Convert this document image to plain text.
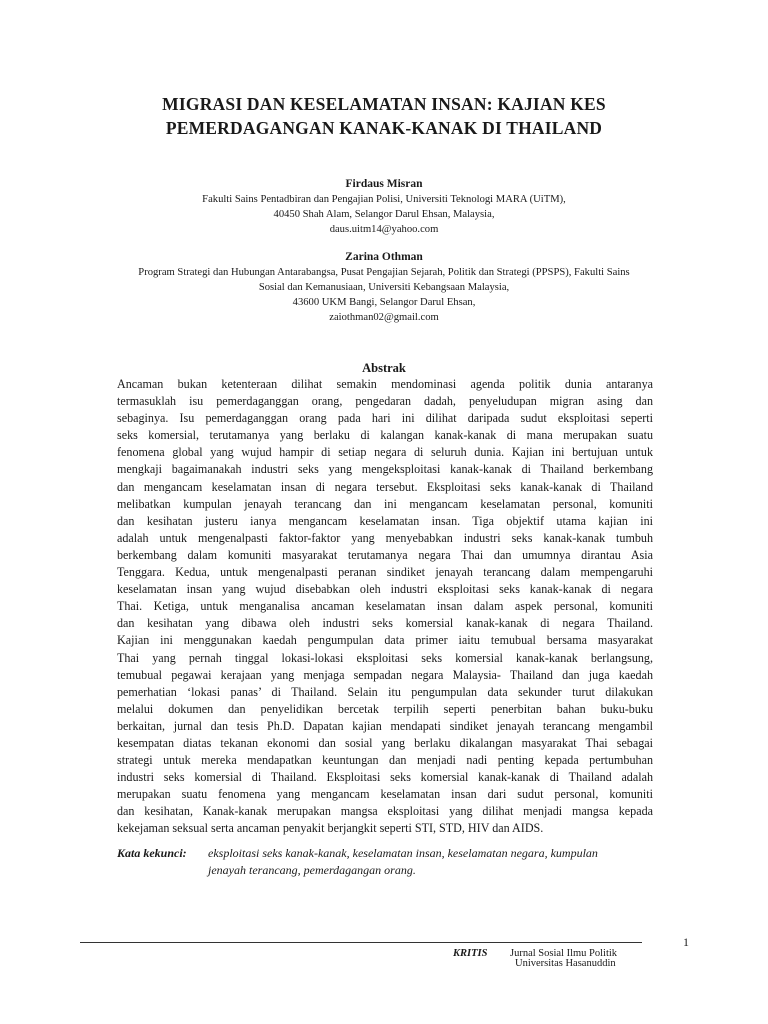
MIGRASI DAN KESELAMATAN INSAN: KAJIAN KES
PEMERDAGANGAN KANAK-KANAK DI THAILAND
Firdaus Misran
Fakulti Sains Pentadbiran dan Pengajian Polisi, Universiti Teknologi MARA (UiTM),
40450 Shah Alam, Selangor Darul Ehsan, Malaysia,
daus.uitm14@yahoo.com
Zarina Othman
Program Strategi dan Hubungan Antarabangsa, Pusat Pengajian Sejarah, Politik dan Strategi (PPSPS), Fakulti Sains
Sosial dan Kemanusiaan, Universiti Kebangsaan Malaysia,
43600 UKM Bangi, Selangor Darul Ehsan,
zaiothman02@gmail.com
Abstrak
Ancaman bukan ketenteraan dilihat semakin mendominasi agenda politik dunia antaranya
termasuklah isu pemerdaganggan orang, pengedaran dadah, penyeludupan migran asing dan
sebaginya. Isu pemerdaganggan orang pada hari ini dilihat daripada sudut eksploitasi seperti
seks komersial, terutamanya yang berlaku di kalangan kanak-kanak di mana merupakan suatu
fenomena global yang wujud hampir di setiap negara di seluruh dunia. Kajian ini bertujuan untuk
mengkaji bagaimanakah industri seks yang mengeksploitasi kanak-kanak di Thailand berkembang
dan mengancam keselamatan insan di negara tersebut. Eksploitasi seks kanak-kanak di Thailand
melibatkan kumpulan jenayah terancang dan ini mengancam keselamatan personal, komuniti
dan kesihatan justeru ianya mengancam keselamatan insan. Tiga objektif utama kajian ini
adalah untuk mengenalpasti faktor-faktor yang menyebabkan industri seks kanak-kanak tumbuh
berkembang dalam komuniti masyarakat terutamanya negara Thai dan umumnya dirantau Asia
Tenggara. Kedua, untuk mengenalpasti peranan sindiket jenayah terancang dalam mempengaruhi
keselamatan insan yang wujud disebabkan oleh industri eksploitasi seks kanak-kanak di negara
Thai. Ketiga, untuk menganalisa ancaman keselamatan insan dalam aspek personal, komuniti
dan kesihatan yang dibawa oleh industri seks komersial kanak-kanak di negara Thailand.
Kajian ini menggunakan kaedah pengumpulan data primer iaitu temubual bersama masyarakat
Thai yang pernah tinggal lokasi-lokasi eksploitasi seks komersial kanak-kanak berlangsung,
temubual pegawai kerajaan yang menjaga sempadan negara Malaysia- Thailand dan juga kaedah
pemerhatian ‘lokasi panas’ di Thailand. Selain itu pengumpulan data sekunder turut dilakukan
melalui dokumen dan penyelidikan bercetak terpilih seperti penerbitan bahan buku-buku
berkaitan, jurnal dan tesis Ph.D. Dapatan kajian mendapati sindiket jenayah terancang mengambil
kesempatan diatas tekanan ekonomi dan sosial yang berlaku dikalangan masyarakat Thai sebagai
strategi untuk mereka mendapatkan keuntungan dan menjadi nadi penting kepada pertumbuhan
industri seks komersial di Thailand. Eksploitasi seks komersial kanak-kanak di Thailand adalah
merupakan suatu fenomena yang mengancam keselamatan insan dari sudut personal, komuniti
dan kesihatan, Kanak-kanak merupakan mangsa eksploitasi yang dilihat menjadi mangsa kepada
kekejaman seksual serta ancaman penyakit berjangkit seperti STI, STD, HIV dan AIDS.
Kata kekunci: eksploitasi seks kanak-kanak, keselamatan insan, keselamatan negara, kumpulan
jenayah terancang, pemerdagangan orang.
1
KRITIS Jurnal Sosial Ilmu Politik
Universitas Hasanuddin
